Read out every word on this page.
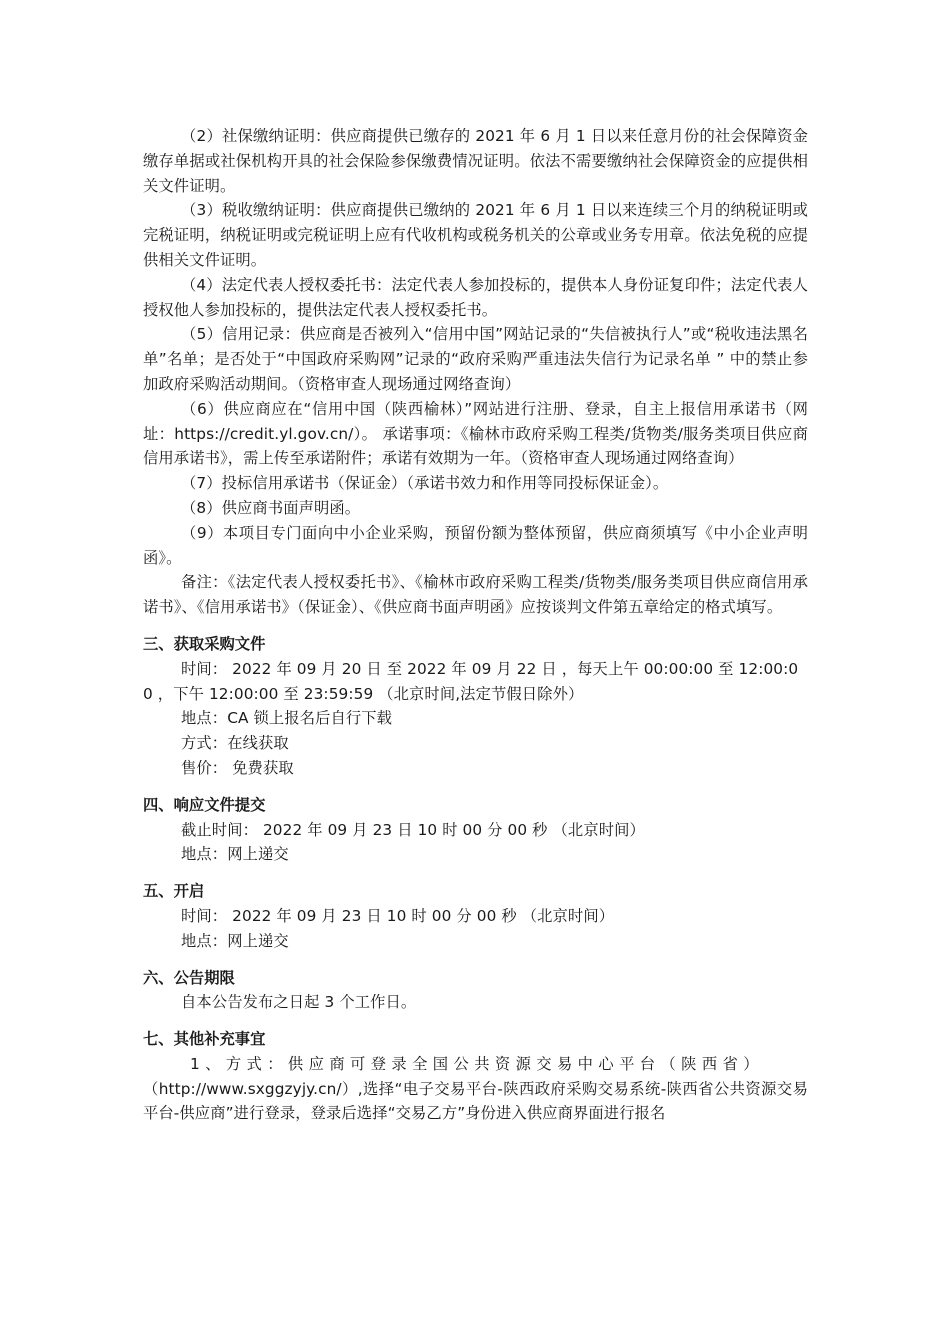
（2）社保缴纳证明：供应商提供已缴存的 2021 年 6 月 1 日以来任意月份的社会保障资金缴存单据或社保机构开具的社会保险参保缴费情况证明。依法不需要缴纳社会保障资金的应提供相关文件证明。

（3）税收缴纳证明：供应商提供已缴纳的 2021 年 6 月 1 日以来连续三个月的纳税证明或完税证明，纳税证明或完税证明上应有代收机构或税务机关的公章或业务专用章。依法免税的应提供相关文件证明。

（4）法定代表人授权委托书：法定代表人参加投标的，提供本人身份证复印件；法定代表人授权他人参加投标的，提供法定代表人授权委托书。

（5）信用记录：供应商是否被列入“信用中国”网站记录的“失信被执行人”或“税收违法黑名单”名单；是否处于“中国政府采购网”记录的“政府采购严重违法失信行为记录名单 ” 中的禁止参加政府采购活动期间。（资格审查人现场通过网络查询）

（6）供应商应在“信用中国（陕西榆林）”网站进行注册、登录，自主上报信用承诺书（网址：https://credit.yl.gov.cn/）。 承诺事项：《榆林市政府采购工程类/货物类/服务类项目供应商信用承诺书》，需上传至承诺附件；承诺有效期为一年。（资格审查人现场通过网络查询）

（7）投标信用承诺书（保证金）（承诺书效力和作用等同投标保证金）。

（8）供应商书面声明函。

（9）本项目专门面向中小企业采购，预留份额为整体预留，供应商须填写《中小企业声明函》。

备注：《法定代表人授权委托书》、《榆林市政府采购工程类/货物类/服务类项目供应商信用承诺书》、《信用承诺书》（保证金）、《供应商书面声明函》应按谈判文件第五章给定的格式填写。

三、获取采购文件

时间： 2022 年 09 月 20 日 至 2022 年 09 月 22 日 ，每天上午 00:00:00 至 12:00:0

0 ，下午 12:00:00 至 23:59:59 （北京时间,法定节假日除外）

地点：CA 锁上报名后自行下载

方式：在线获取

售价： 免费获取

四、响应文件提交

截止时间： 2022 年 09 月 23 日 10 时 00 分 00 秒 （北京时间）

地点：网上递交

五、开启

时间： 2022 年 09 月 23 日 10 时 00 分 00 秒 （北京时间）

地点：网上递交

六、公告期限

自本公告发布之日起 3 个工作日。

七、其他补充事宜

1、方式：供应商可登录全国公共资源交易中心平台（陕西省）

（http://www.sxggzyjy.cn/）,选择“电子交易平台-陕西政府采购交易系统-陕西省公共资源交易平台-供应商”进行登录，登录后选择“交易乙方”身份进入供应商界面进行报名
